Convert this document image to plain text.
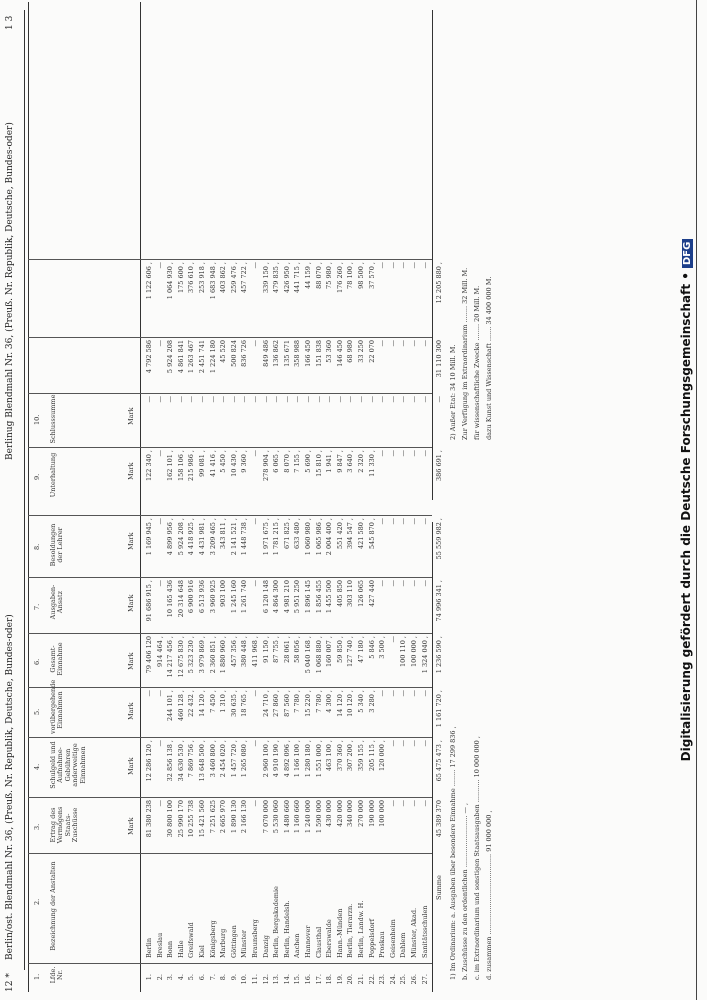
12 *
Berlin/ost. Blendmahl Nr. 36, (Preuß. Nr. Republik, Deutsche, Bundes-oder)
Berlinug Blendmahl Nr. 36, (Preuß. Nr. Republik, Deutsche, Bundes-oder)
1 3
1.
2.
3.
4.
5.
6.
7.
8.
9.
10.
Lfde. Nr.
Bezeichnung der Anstalten
Ertrag des Vermögens Staats-Zuschüsse
Schulgeld und Aufnahme-Gebühren anderweitige Einnahmen
vorübergehende Einnahmen
Gesamt-Einnahme
Ausgaben-Ansatz
Besoldungen der Lehrer
Unterhaltung
Schlusssumme
Mark
Mark
Mark
Mark
Mark
Mark
Mark
Mark
1.
Berlin
81 380 238
12 286 120 ,
—
79 406 120
91 686 915 ,
1 169 945 ,
122 340 ,
—
4 792 586
1 122 606 ,
2.
Breslau
—
—
—
914 464 ,
—
—
—
—
—
—
3.
Bonn
30 800 100
32 856 138 ,
244 101 ,
14 217 456 ,
10 165 436
4 899 956 ,
162 101 ,
—
5 924 208
1 064 930 ,
4.
Halle
25 990 170
34 630 530 ,
460 128 ,
12 675 830 ,
20 314 648
5 924 208 ,
158 106 ,
—
4 861 841
175 600 ,
5.
Greifswald
10 255 738
7 869 756 ,
22 432 ,
5 323 230 ,
6 900 916
4 418 925 ,
215 986 ,
—
1 263 467
376 610 ,
6.
Kiel
15 421 560
13 648 500 ,
14 120 ,
3 979 869 ,
6 513 936
4 431 981 ,
99 081 ,
—
2 451 741
253 918 ,
7.
Königsberg
7 251 625
3 460 800 ,
7 450 ,
2 360 851 ,
3 960 925
3 209 465 ,
41 416 ,
—
1 224 180
1 683 948 ,
8.
Marburg
2 665 970
2 454 020 ,
1 310 ,
1 880 960 ,
903 100
343 811 ,
5 450 ,
—
45 520
403 862 ,
9.
Göttingen
1 890 130
1 457 720 ,
30 635 ,
457 356 ,
1 245 160
2 141 521 ,
10 430 ,
—
500 824
259 476 ,
10.
Münster
2 166 130
1 265 080 ,
18 765 ,
380 448 ,
1 261 740
1 448 738 ,
9 360 ,
—
836 726
457 722 ,
11.
Braunsberg
—
—
—
411 968 ,
—
—
—
—
—
—
12.
Danzig
7 070 000
2 960 100 ,
24 710 ,
91 150 ,
6 120 148
1 971 675 ,
278 904 ,
—
849 486
339 150 ,
13.
Berlin, Bergakademie
5 530 060
4 910 190 ,
27 860 ,
87 755 ,
4 864 300
1 781 215 ,
6 065 ,
—
136 862
479 835 ,
14.
Berlin, Handelsh.
1 480 660
4 892 096 ,
87 560 ,
28 061 ,
4 981 210
671 825 ,
8 070 ,
—
135 671
426 950 ,
15.
Aachen
1 160 660
1 166 100 ,
7 780 ,
58 056 ,
5 951 250
633 480 ,
7 155 ,
—
358 988
441 715 ,
16.
Hannover
1 240 000
1 280 180 ,
15 220 ,
5 040 168 ,
1 896 145
1 060 980 ,
5 690 ,
—
166 450
44 159 ,
17.
Clausthal
1 590 000
1 551 000 ,
7 780 ,
1 068 880 ,
1 856 455
1 065 986 ,
15 810 ,
—
151 838
88 070 ,
18.
Eberswalde
430 000
463 100 ,
4 300 ,
160 007 ,
1 455 500
2 004 400 ,
1 941 ,
—
53 360
75 980 ,
19.
Hann.-Münden
420 000
370 360 ,
14 120 ,
59 850 ,
405 850
551 420 ,
9 847 ,
—
146 450
176 260 ,
20.
Berlin, Tierarzn.
340 000
307 200 ,
10 120 ,
127 740 ,
303 110
394 547 ,
3 640 ,
—
68 980
78 100 ,
21.
Berlin, Landw. H.
270 000
359 155 ,
5 340 ,
47 180 ,
126 065
421 580 ,
2 320 ,
—
33 250
98 500 ,
22.
Poppelsdorf
190 000
205 115 ,
3 280 ,
5 846 ,
427 440
545 870 ,
11 330 ,
—
22 070
37 570 ,
23.
Proskau
100 000
120 000 ,
—
3 500 ,
—
—
—
—
—
—
24.
Geisenheim
—
—
—
—
—
—
—
—
—
—
25.
Dahlem
—
—
—
100 110 ,
—
—
—
—
—
—
26.
Münster, Akad.
—
—
—
100 000 ,
—
—
—
—
—
—
27.
Sanitätsschulen
—
—
—
1 324 040 ,
—
—
—
—
—
—
Summe
45 389 370
65 475 473 ,
1 161 720 ,
1 236 590 ,
74 996 341 ,
55 559 982 ,
386 691 ,
—
31 110 300
12 205 880 ,
1) Im Ordinarium: a. Ausgaben über besondere Einnahme ........ 17 299 836 , b. Zuschüsse zu den ordentlichen ......................... — , c. im Extraordinarium und sonstigen Staatsausgaben ........... 10 000 000 , d. zusammen ....................................... 91 000 000 ,
2) Außer Etat: 34 10 Mill. M. Zur Verfügung im Extraordinarium ........ 32 Mill. M. für wissenschaftliche Zwecke ........ 20 Mill. M. dazu Kunst und Wissenschaft ....... 34 400 000 M.	Digitalisierung gefördert durch die Deutsche Forschungsgemeinschaft •DFG
